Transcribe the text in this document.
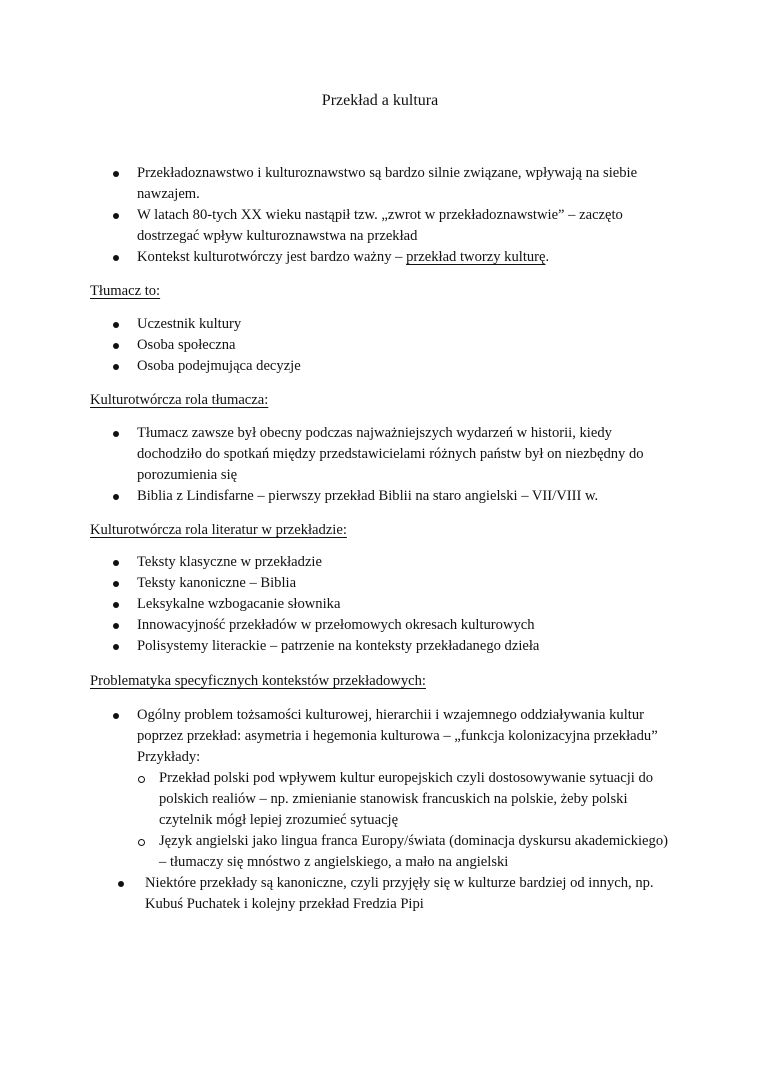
Przekład a kultura
Przekładoznawstwo i kulturoznawstwo są bardzo silnie związane, wpływają na siebie nawzajem.
W latach 80-tych XX wieku nastąpił tzw. „zwrot w przekładoznawstwie” – zaczęto dostrzegać wpływ kulturoznawstwa na przekład
Kontekst kulturotwórczy jest bardzo ważny – przekład tworzy kulturę.
Tłumacz to:
Uczestnik kultury
Osoba społeczna
Osoba podejmująca decyzje
Kulturotwórcza rola tłumacza:
Tłumacz zawsze był obecny podczas najważniejszych wydarzeń w historii, kiedy dochodziło do spotkań między przedstawicielami różnych państw był on niezbędny do porozumienia się
Biblia z Lindisfarne – pierwszy przekład Biblii na staro angielski – VII/VIII w.
Kulturotwórcza rola literatur w przekładzie:
Teksty klasyczne w przekładzie
Teksty kanoniczne – Biblia
Leksykalne wzbogacanie słownika
Innowacyjność przekładów w przełomowych okresach kulturowych
Polisystemy literackie – patrzenie na konteksty przekładanego dzieła
Problematyka specyficznych kontekstów przekładowych:
Ogólny problem tożsamości kulturowej, hierarchii i wzajemnego oddziaływania kultur poprzez przekład: asymetria i hegemonia kulturowa – „funkcja kolonizacyjna przekładu”
Przykłady:
Przekład polski pod wpływem kultur europejskich czyli dostosowywanie sytuacji do polskich realiów – np. zmienianie stanowisk francuskich na polskie, żeby polski czytelnik mógł lepiej zrozumieć sytuację
Język angielski jako lingua franca Europy/świata (dominacja dyskursu akademickiego) – tłumaczy się mnóstwo z angielskiego, a mało na angielski
Niektóre przekłady są kanoniczne, czyli przyjęły się w kulturze bardziej od innych, np. Kubuś Puchatek i kolejny przekład Fredzia Pipi
